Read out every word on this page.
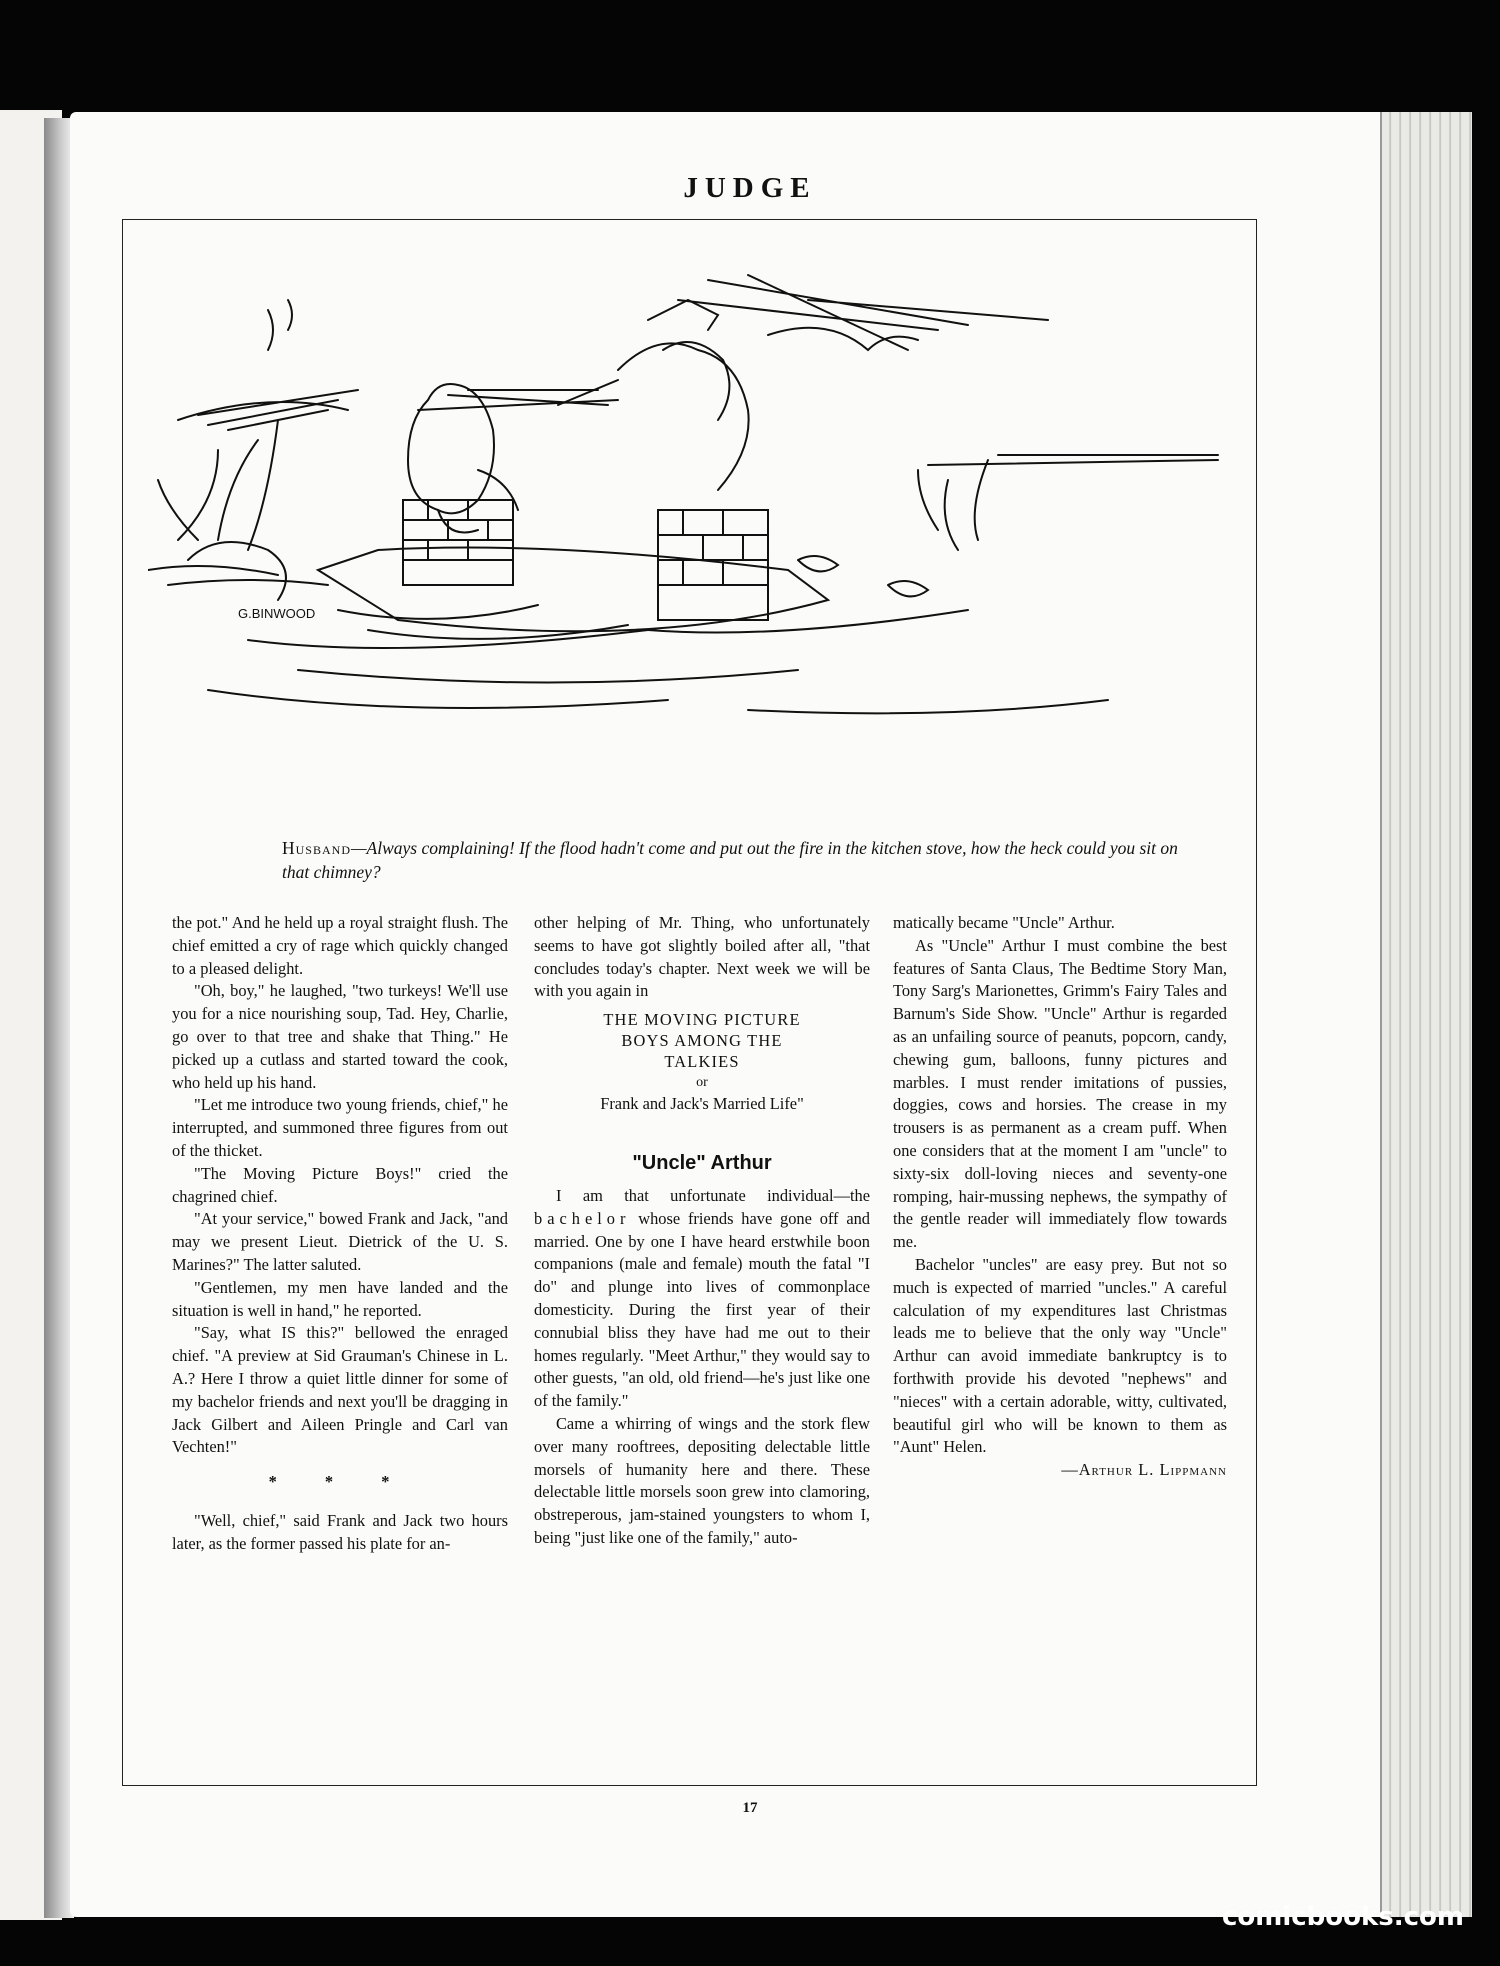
JUDGE
G.BINWOOD
Husband—Always complaining! If the flood hadn't come and put out the fire in the kitchen stove, how the heck could you sit on that chimney?

the pot." And he held up a royal straight flush. The chief emitted a cry of rage which quickly changed to a pleased delight.

"Oh, boy," he laughed, "two turkeys! We'll use you for a nice nourishing soup, Tad. Hey, Charlie, go over to that tree and shake that Thing." He picked up a cutlass and started toward the cook, who held up his hand.

"Let me introduce two young friends, chief," he interrupted, and summoned three figures from out of the thicket.

"The Moving Picture Boys!" cried the chagrined chief.

"At your service," bowed Frank and Jack, "and may we present Lieut. Dietrick of the U. S. Marines?" The latter saluted.

"Gentlemen, my men have landed and the situation is well in hand," he reported.

"Say, what IS this?" bellowed the enraged chief. "A preview at Sid Grauman's Chinese in L. A.? Here I throw a quiet little dinner for some of my bachelor friends and next you'll be dragging in Jack Gilbert and Aileen Pringle and Carl van Vechten!"

* * *

"Well, chief," said Frank and Jack two hours later, as the former passed his plate for an-

other helping of Mr. Thing, who unfortunately seems to have got slightly boiled after all, "that concludes today's chapter. Next week we will be with you again in

THE MOVING PICTURE
BOYS AMONG THE
TALKIES
or
Frank and Jack's Married Life"
"Uncle" Arthur

I am that unfortunate individual—the bachelor whose friends have gone off and married. One by one I have heard erstwhile boon companions (male and female) mouth the fatal "I do" and plunge into lives of commonplace domesticity. During the first year of their connubial bliss they have had me out to their homes regularly. "Meet Arthur," they would say to other guests, "an old, old friend—he's just like one of the family."

Came a whirring of wings and the stork flew over many rooftrees, depositing delectable little morsels of humanity here and there. These delectable little morsels soon grew into clamoring, obstreperous, jam-stained youngsters to whom I, being "just like one of the family," auto-

matically became "Uncle" Arthur.

As "Uncle" Arthur I must combine the best features of Santa Claus, The Bedtime Story Man, Tony Sarg's Marionettes, Grimm's Fairy Tales and Barnum's Side Show. "Uncle" Arthur is regarded as an unfailing source of peanuts, popcorn, candy, chewing gum, balloons, funny pictures and marbles. I must render imitations of pussies, doggies, cows and horsies. The crease in my trousers is as permanent as a cream puff. When one considers that at the moment I am "uncle" to sixty-six doll-loving nieces and seventy-one romping, hair-mussing nephews, the sympathy of the gentle reader will immediately flow towards me.

Bachelor "uncles" are easy prey. But not so much is expected of married "uncles." A careful calculation of my expenditures last Christmas leads me to believe that the only way "Uncle" Arthur can avoid immediate bankruptcy is to forthwith provide his devoted "nephews" and "nieces" with a certain adorable, witty, cultivated, beautiful girl who will be known to them as "Aunt" Helen.

—Arthur L. Lippmann

17
comicbooks.com
